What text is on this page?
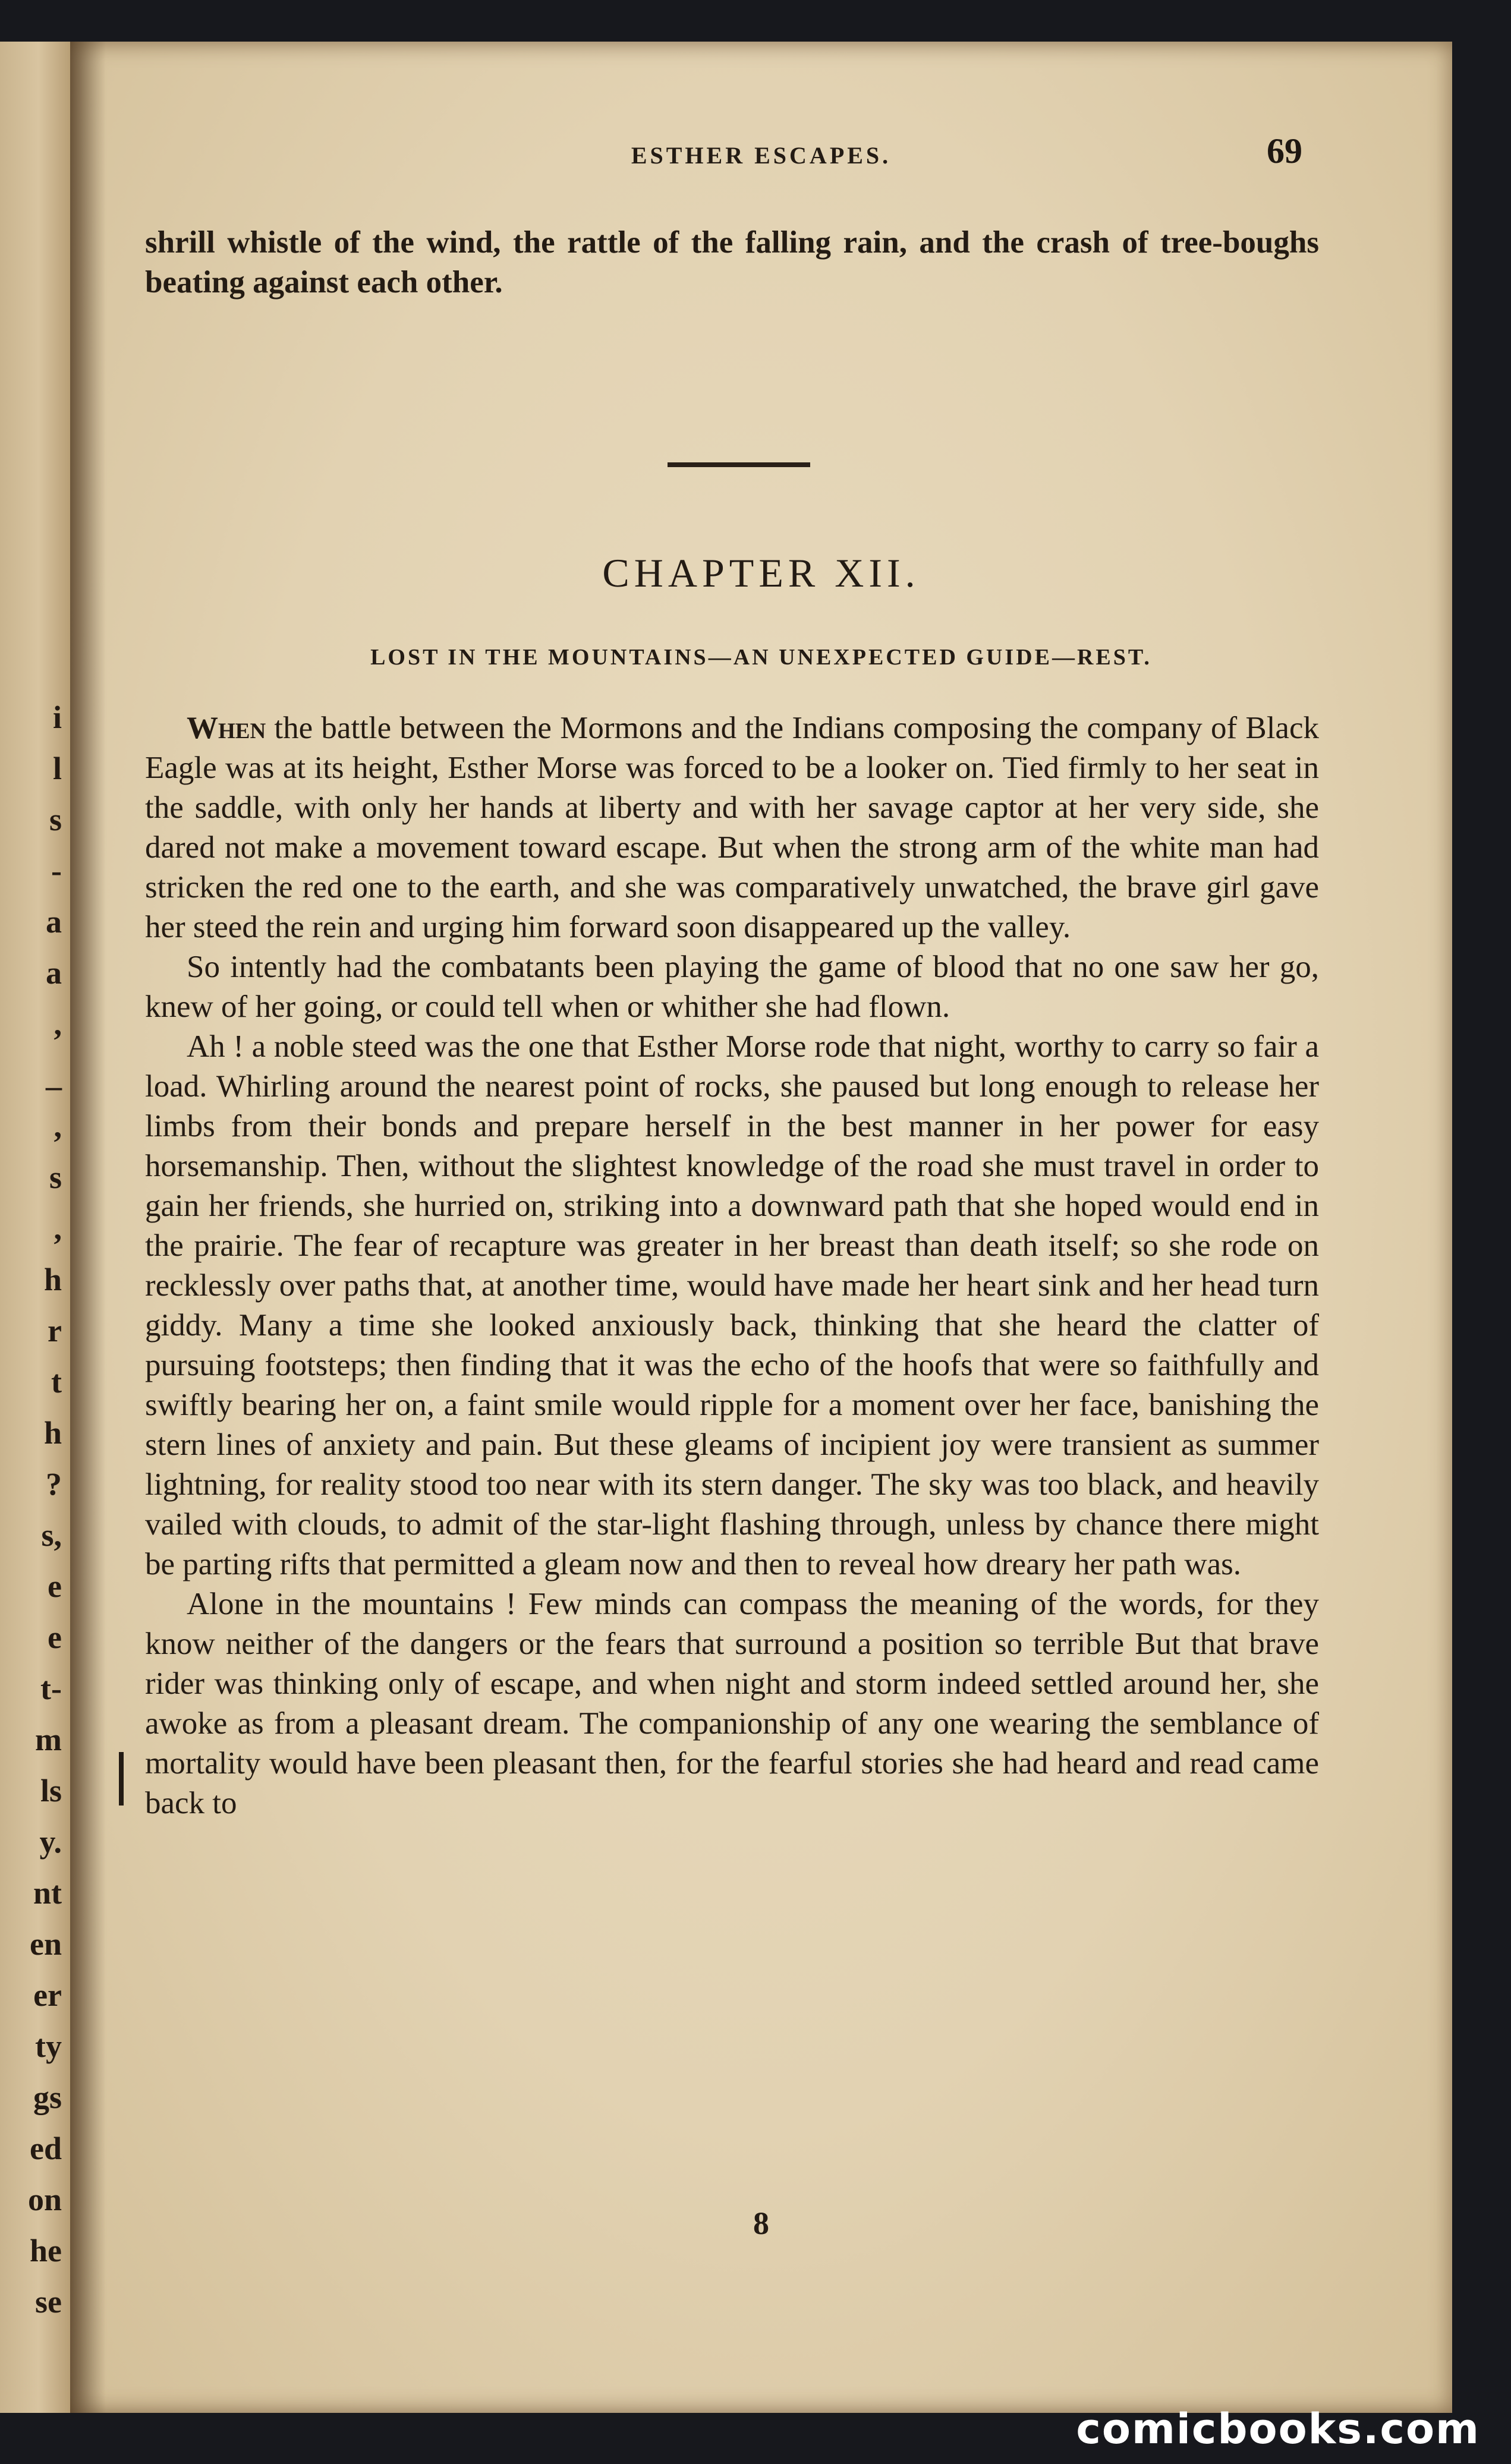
i
l
s
-
a
a
,
_
,
s
,
h
r
t
h
?
s,
e
e
t-
m
ls
y.
nt
en
er
ty
gs
ed
on
he
se
ESTHER ESCAPES.	69
shrill whistle of the wind, the rattle of the falling rain, and the crash of tree-boughs beating against each other.
CHAPTER XII.
LOST IN THE MOUNTAINS—AN UNEXPECTED GUIDE—REST.

When the battle between the Mormons and the Indians composing the company of Black Eagle was at its height, Esther Morse was forced to be a looker on. Tied firmly to her seat in the saddle, with only her hands at liberty and with her savage captor at her very side, she dared not make a movement toward escape. But when the strong arm of the white man had stricken the red one to the earth, and she was comparatively unwatched, the brave girl gave her steed the rein and urging him forward soon disappeared up the valley.

So intently had the combatants been playing the game of blood that no one saw her go, knew of her going, or could tell when or whither she had flown.

Ah ! a noble steed was the one that Esther Morse rode that night, worthy to carry so fair a load. Whirling around the nearest point of rocks, she paused but long enough to release her limbs from their bonds and prepare herself in the best manner in her power for easy horsemanship. Then, without the slightest knowledge of the road she must travel in order to gain her friends, she hurried on, striking into a downward path that she hoped would end in the prairie. The fear of recapture was greater in her breast than death itself; so she rode on recklessly over paths that, at another time, would have made her heart sink and her head turn giddy. Many a time she looked anxiously back, thinking that she heard the clatter of pursuing footsteps; then finding that it was the echo of the hoofs that were so faithfully and swiftly bearing her on, a faint smile would ripple for a moment over her face, banishing the stern lines of anxiety and pain. But these gleams of incipient joy were transient as summer lightning, for reality stood too near with its stern danger. The sky was too black, and heavily vailed with clouds, to admit of the star-light flashing through, unless by chance there might be parting rifts that permitted a gleam now and then to reveal how dreary her path was.

Alone in the mountains ! Few minds can compass the meaning of the words, for they know neither of the dangers or the fears that surround a position so terrible But that brave rider was thinking only of escape, and when night and storm indeed settled around her, she awoke as from a pleasant dream. The companionship of any one wearing the semblance of mortality would have been pleasant then, for the fearful stories she had heard and read came back to

8
comicbooks.com
